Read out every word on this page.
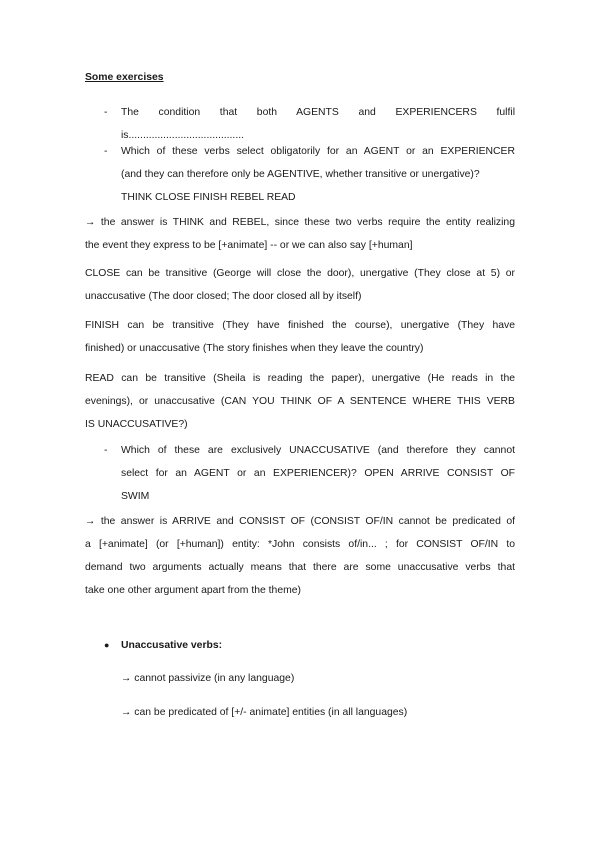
Some exercises
- The condition that both AGENTS and EXPERIENCERS fulfil
is........................................
- Which of these verbs select obligatorily for an AGENT or an EXPERIENCER
(and they can therefore only be AGENTIVE, whether transitive or unergative)?
THINK CLOSE FINISH REBEL READ
→ the answer is THINK and REBEL, since these two verbs require the entity realizing
the event they express to be [+animate] -- or we can also say [+human]
CLOSE can be transitive (George will close the door), unergative (They close at 5) or
unaccusative (The door closed; The door closed all by itself)
FINISH can be transitive (They have finished the course), unergative (They have
finished) or unaccusative (The story finishes when they leave the country)
READ can be transitive (Sheila is reading the paper), unergative (He reads in the
evenings), or unaccusative (CAN YOU THINK OF A SENTENCE WHERE THIS VERB
IS UNACCUSATIVE?)
- Which of these are exclusively UNACCUSATIVE (and therefore they cannot
select for an AGENT or an EXPERIENCER)? OPEN ARRIVE CONSIST OF
SWIM
→ the answer is ARRIVE and CONSIST OF (CONSIST OF/IN cannot be predicated of
a [+animate] (or [+human]) entity: *John consists of/in... ; for CONSIST OF/IN to
demand two arguments actually means that there are some unaccusative verbs that
take one other argument apart from the theme)
● Unaccusative verbs:
→ cannot passivize (in any language)
→ can be predicated of [+/- animate] entities (in all languages)
